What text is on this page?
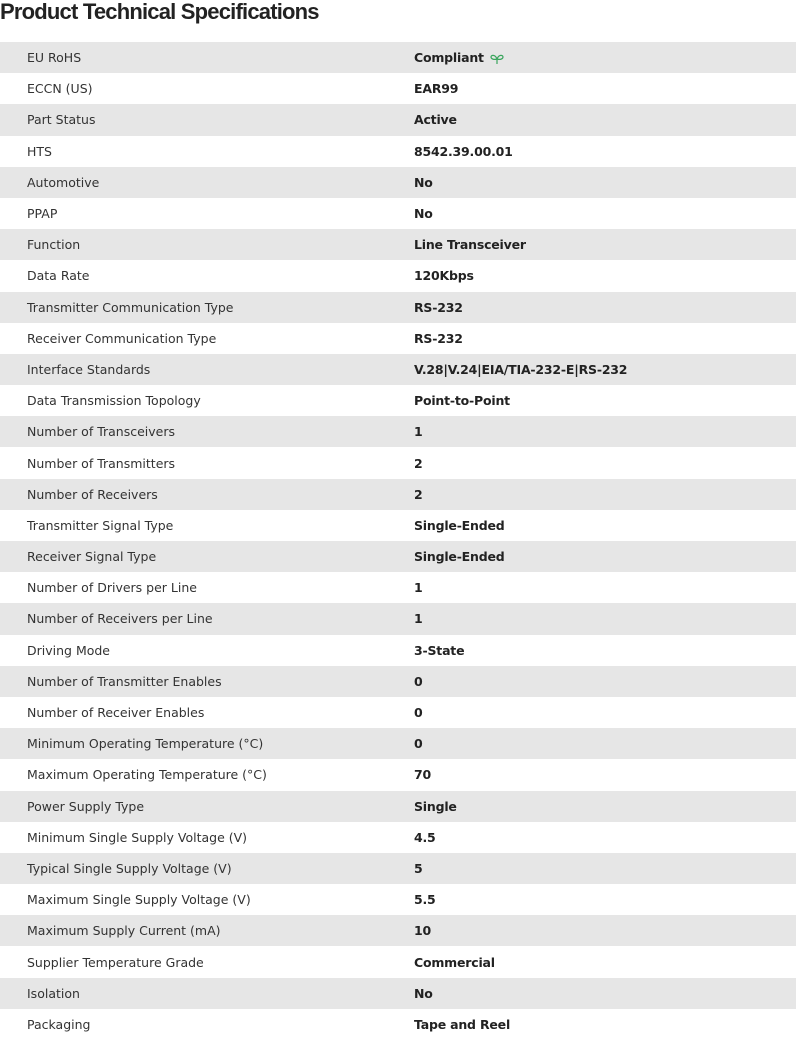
Product Technical Specifications
EU RoHS	Compliant
ECCN (US)	EAR99
Part Status	Active
HTS	8542.39.00.01
Automotive	No
PPAP	No
Function	Line Transceiver
Data Rate	120Kbps
Transmitter Communication Type	RS-232
Receiver Communication Type	RS-232
Interface Standards	V.28|V.24|EIA/TIA-232-E|RS-232
Data Transmission Topology	Point-to-Point
Number of Transceivers	1
Number of Transmitters	2
Number of Receivers	2
Transmitter Signal Type	Single-Ended
Receiver Signal Type	Single-Ended
Number of Drivers per Line	1
Number of Receivers per Line	1
Driving Mode	3-State
Number of Transmitter Enables	0
Number of Receiver Enables	0
Minimum Operating Temperature (°C)	0
Maximum Operating Temperature (°C)	70
Power Supply Type	Single
Minimum Single Supply Voltage (V)	4.5
Typical Single Supply Voltage (V)	5
Maximum Single Supply Voltage (V)	5.5
Maximum Supply Current (mA)	10
Supplier Temperature Grade	Commercial
Isolation	No
Packaging	Tape and Reel
